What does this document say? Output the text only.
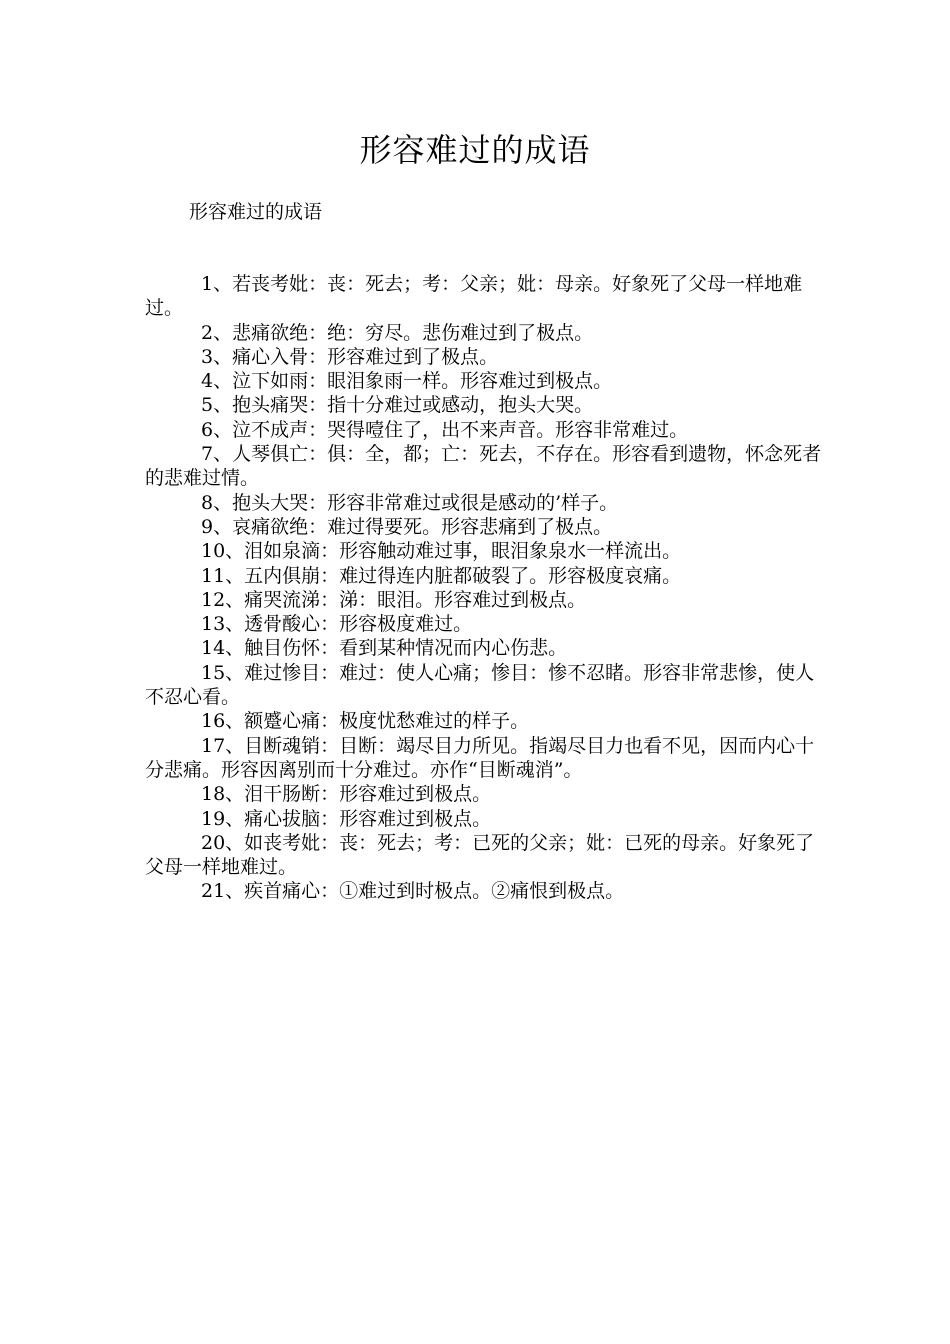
形容难过的成语
形容难过的成语
1、若丧考妣：丧：死去；考：父亲；妣：母亲。好象死了父母一样地难过。
2、悲痛欲绝：绝：穷尽。悲伤难过到了极点。
3、痛心入骨：形容难过到了极点。
4、泣下如雨：眼泪象雨一样。形容难过到极点。
5、抱头痛哭：指十分难过或感动，抱头大哭。
6、泣不成声：哭得噎住了，出不来声音。形容非常难过。
7、人琴俱亡：俱：全，都；亡：死去，不存在。形容看到遗物，怀念死者的悲难过情。
8、抱头大哭：形容非常难过或很是感动的’样子。
9、哀痛欲绝：难过得要死。形容悲痛到了极点。
10、泪如泉滴：形容触动难过事，眼泪象泉水一样流出。
11、五内俱崩：难过得连内脏都破裂了。形容极度哀痛。
12、痛哭流涕：涕：眼泪。形容难过到极点。
13、透骨酸心：形容极度难过。
14、触目伤怀：看到某种情况而内心伤悲。
15、难过惨目：难过：使人心痛；惨目：惨不忍睹。形容非常悲惨，使人不忍心看。
16、额蹙心痛：极度忧愁难过的样子。
17、目断魂销：目断：竭尽目力所见。指竭尽目力也看不见，因而内心十分悲痛。形容因离别而十分难过。亦作“目断魂消”。
18、泪干肠断：形容难过到极点。
19、痛心拔脑：形容难过到极点。
20、如丧考妣：丧：死去；考：已死的父亲；妣：已死的母亲。好象死了父母一样地难过。
21、疾首痛心：①难过到时极点。②痛恨到极点。
